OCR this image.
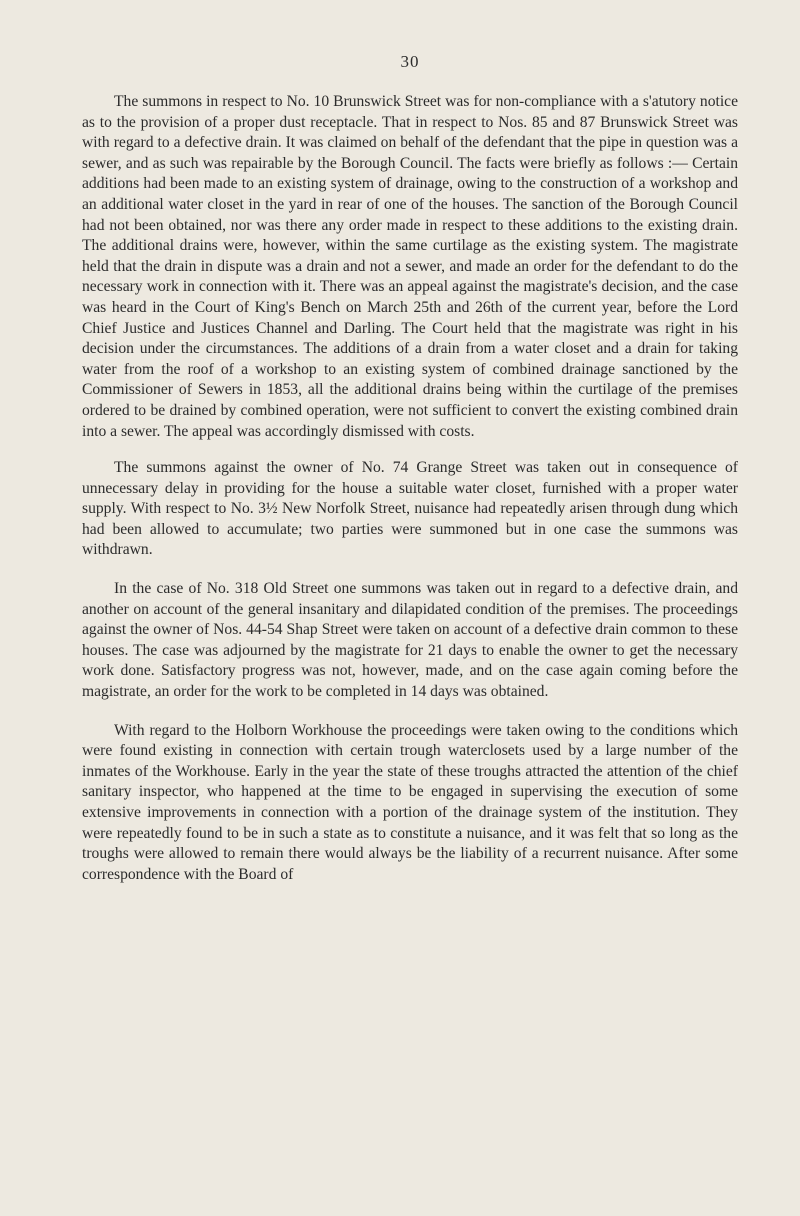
30

The summons in respect to No. 10 Brunswick Street was for non-compliance with a s'atutory notice as to the provision of a proper dust receptacle. That in respect to Nos. 85 and 87 Brunswick Street was with regard to a defective drain. It was claimed on behalf of the defendant that the pipe in question was a sewer, and as such was repairable by the Borough Council. The facts were briefly as follows :— Certain additions had been made to an existing system of drainage, owing to the construction of a workshop and an additional water closet in the yard in rear of one of the houses. The sanction of the Borough Council had not been obtained, nor was there any order made in respect to these additions to the existing drain. The additional drains were, however, within the same curtilage as the existing system. The magistrate held that the drain in dispute was a drain and not a sewer, and made an order for the defendant to do the necessary work in connection with it. There was an appeal against the magistrate's decision, and the case was heard in the Court of King's Bench on March 25th and 26th of the current year, before the Lord Chief Justice and Justices Channel and Darling. The Court held that the magistrate was right in his decision under the circumstances. The additions of a drain from a water closet and a drain for taking water from the roof of a workshop to an existing system of combined drainage sanctioned by the Commissioner of Sewers in 1853, all the additional drains being within the curtilage of the premises ordered to be drained by combined operation, were not sufficient to convert the existing combined drain into a sewer. The appeal was accordingly dismissed with costs.

The summons against the owner of No. 74 Grange Street was taken out in consequence of unnecessary delay in providing for the house a suitable water closet, furnished with a proper water supply. With respect to No. 3½ New Norfolk Street, nuisance had repeatedly arisen through dung which had been allowed to accumulate; two parties were summoned but in one case the summons was withdrawn.

In the case of No. 318 Old Street one summons was taken out in regard to a defective drain, and another on account of the general insanitary and dilapidated condition of the premises. The proceedings against the owner of Nos. 44-54 Shap Street were taken on account of a defective drain common to these houses. The case was adjourned by the magistrate for 21 days to enable the owner to get the necessary work done. Satisfactory progress was not, however, made, and on the case again coming before the magistrate, an order for the work to be completed in 14 days was obtained.

With regard to the Holborn Workhouse the proceedings were taken owing to the conditions which were found existing in connection with certain trough waterclosets used by a large number of the inmates of the Workhouse. Early in the year the state of these troughs attracted the attention of the chief sanitary inspector, who happened at the time to be engaged in supervising the execution of some extensive improvements in connection with a portion of the drainage system of the institution. They were repeatedly found to be in such a state as to constitute a nuisance, and it was felt that so long as the troughs were allowed to remain there would always be the liability of a recurrent nuisance. After some correspondence with the Board of
